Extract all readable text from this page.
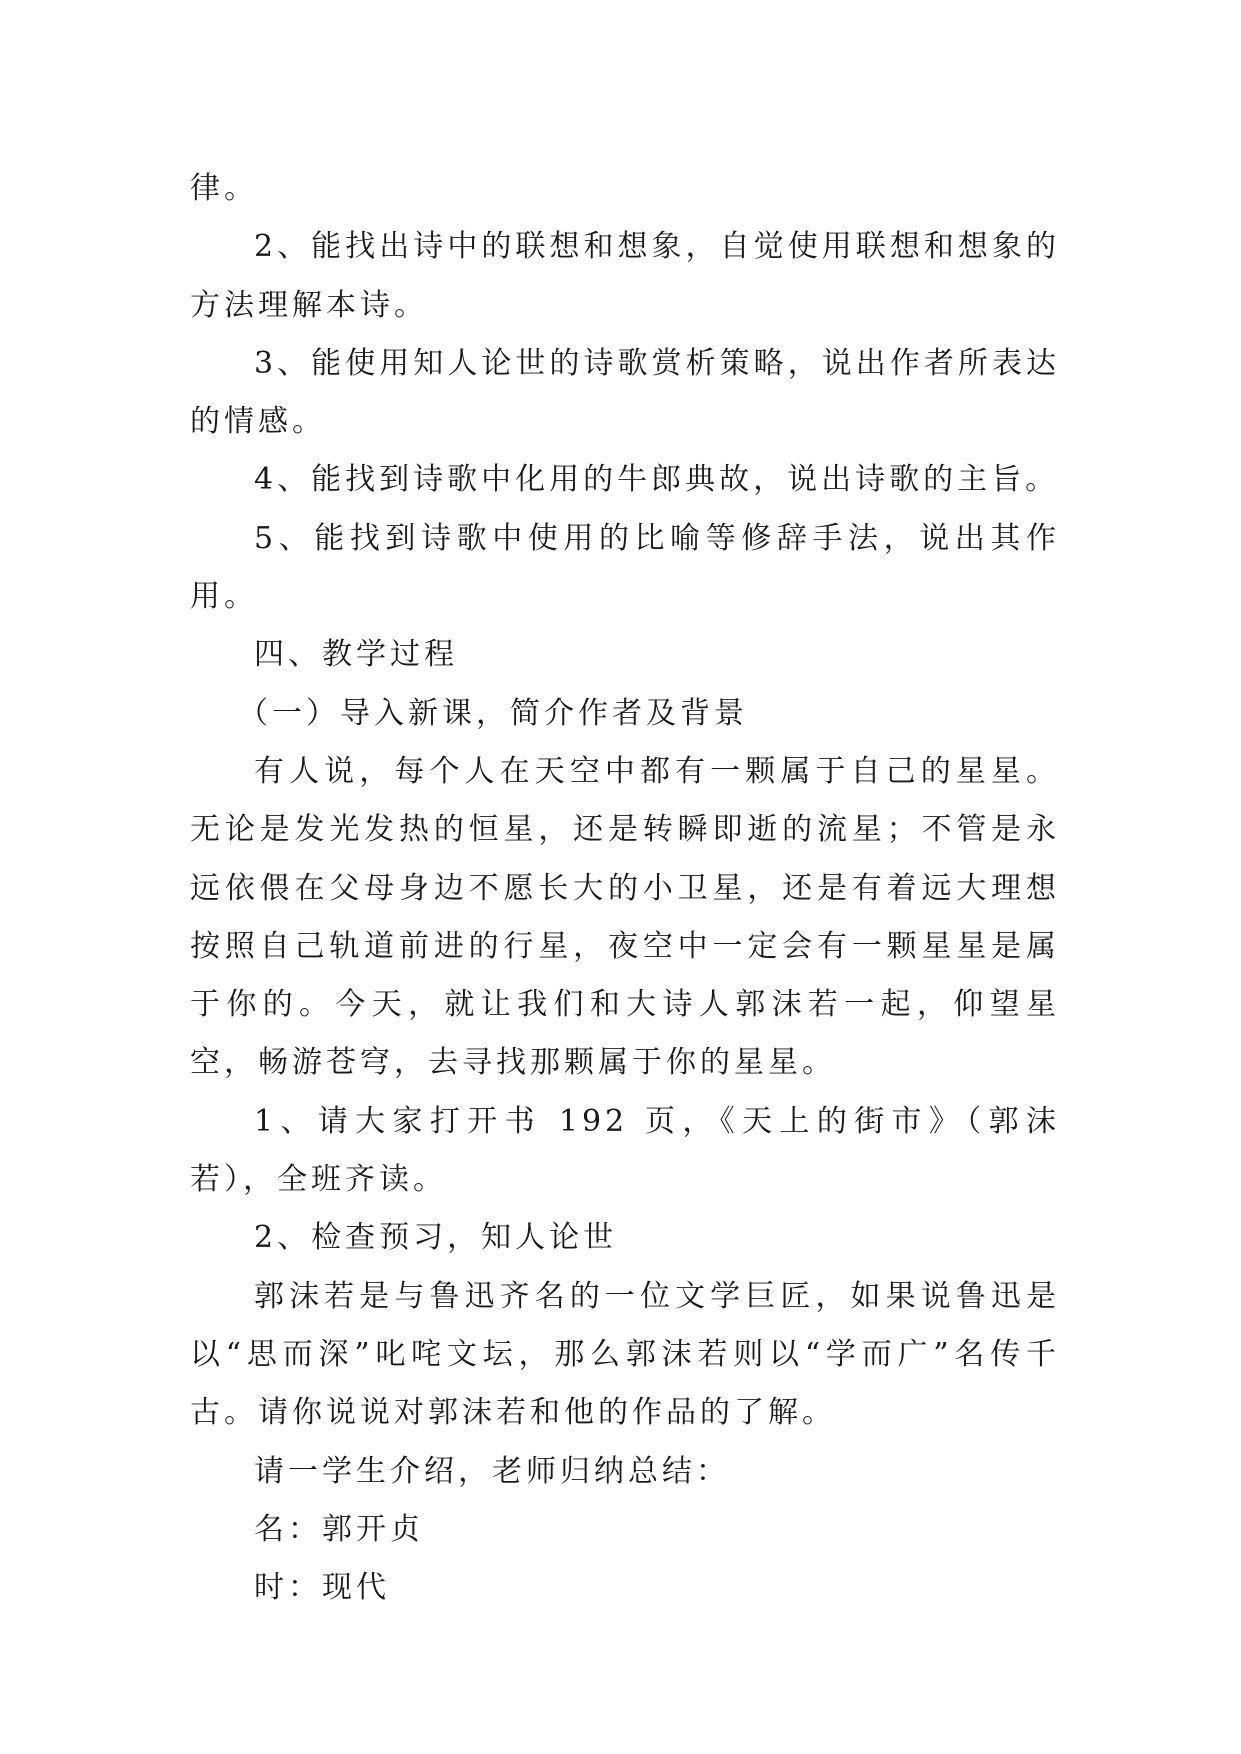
律。

2、能找出诗中的联想和想象，自觉使用联想和想象的方法理解本诗。

3、能使用知人论世的诗歌赏析策略，说出作者所表达的情感。

4、能找到诗歌中化用的牛郎典故，说出诗歌的主旨。

5、能找到诗歌中使用的比喻等修辞手法，说出其作用。

四、教学过程

（一）导入新课，简介作者及背景

有人说，每个人在天空中都有一颗属于自己的星星。无论是发光发热的恒星，还是转瞬即逝的流星；不管是永远依偎在父母身边不愿长大的小卫星，还是有着远大理想按照自己轨道前进的行星，夜空中一定会有一颗星星是属于你的。今天，就让我们和大诗人郭沫若一起，仰望星空，畅游苍穹，去寻找那颗属于你的星星。

1、请大家打开书 192 页，《天上的街市》（郭沫若），全班齐读。

2、检查预习，知人论世

郭沫若是与鲁迅齐名的一位文学巨匠，如果说鲁迅是以“思而深”叱咤文坛，那么郭沫若则以“学而广”名传千古。请你说说对郭沫若和他的作品的了解。

请一学生介绍，老师归纳总结：

名：郭开贞

时：现代
